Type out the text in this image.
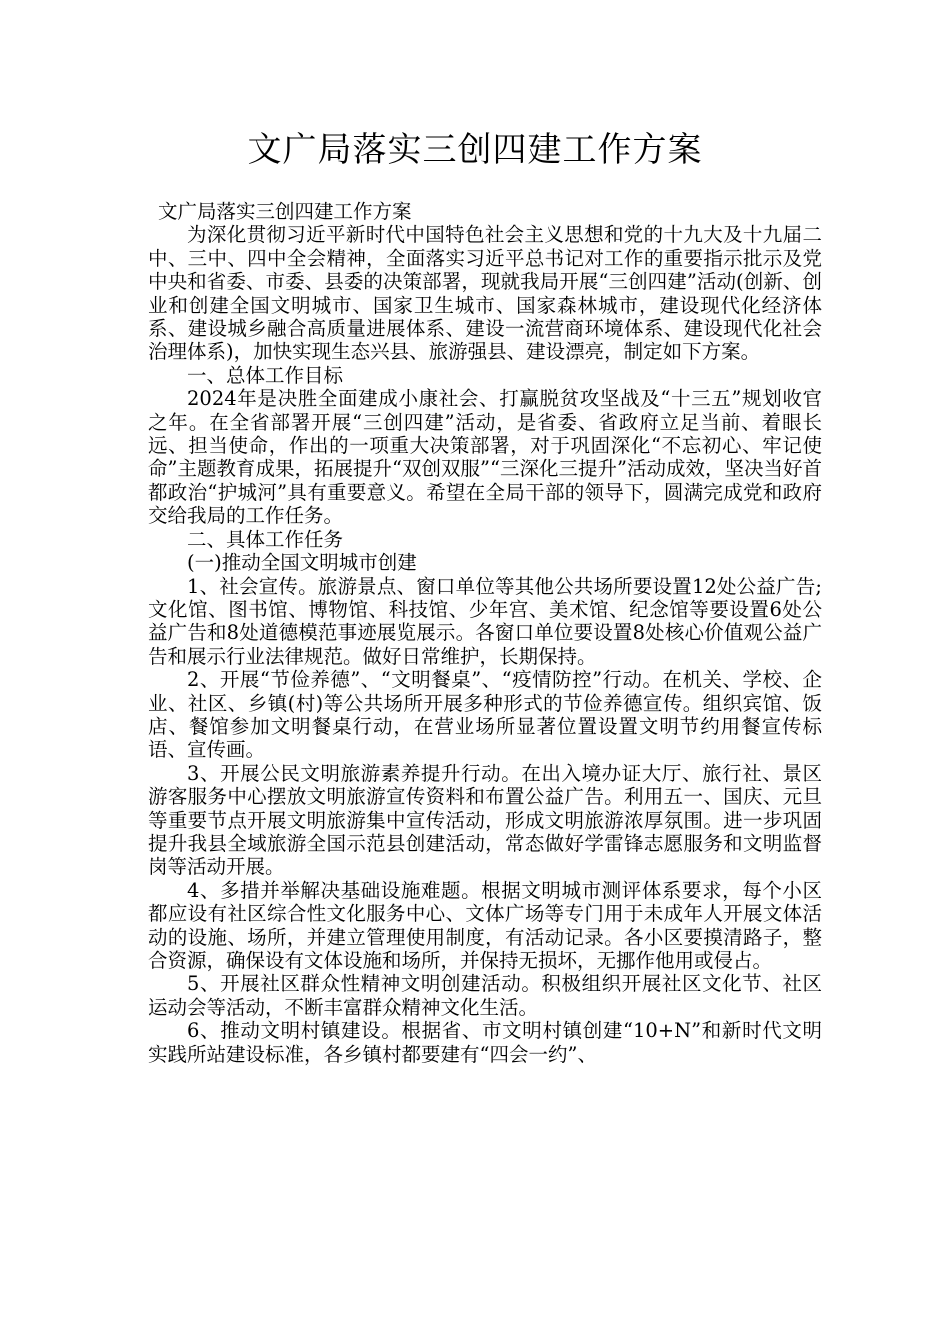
文广局落实三创四建工作方案

文广局落实三创四建工作方案

为深化贯彻习近平新时代中国特色社会主义思想和党的十九大及十九届二中、三中、四中全会精神，全面落实习近平总书记对工作的重要指示批示及党中央和省委、市委、县委的决策部署，现就我局开展“三创四建”活动(创新、创业和创建全国文明城市、国家卫生城市、国家森林城市，建设现代化经济体系、建设城乡融合高质量进展体系、建设一流营商环境体系、建设现代化社会治理体系)，加快实现生态兴县、旅游强县、建设漂亮，制定如下方案。

一、总体工作目标

2024年是决胜全面建成小康社会、打赢脱贫攻坚战及“十三五”规划收官之年。在全省部署开展“三创四建”活动，是省委、省政府立足当前、着眼长远、担当使命，作出的一项重大决策部署，对于巩固深化“不忘初心、牢记使命”主题教育成果，拓展提升“双创双服”“三深化三提升”活动成效，坚决当好首都政治“护城河”具有重要意义。希望在全局干部的领导下，圆满完成党和政府交给我局的工作任务。

二、具体工作任务

(一)推动全国文明城市创建

1、社会宣传。旅游景点、窗口单位等其他公共场所要设置12处公益广告;文化馆、图书馆、博物馆、科技馆、少年宫、美术馆、纪念馆等要设置6处公益广告和8处道德模范事迹展览展示。各窗口单位要设置8处核心价值观公益广告和展示行业法律规范。做好日常维护，长期保持。

2、开展“节俭养德”、“文明餐桌”、“疫情防控”行动。在机关、学校、企业、社区、乡镇(村)等公共场所开展多种形式的节俭养德宣传。组织宾馆、饭店、餐馆参加文明餐桌行动，在营业场所显著位置设置文明节约用餐宣传标语、宣传画。

3、开展公民文明旅游素养提升行动。在出入境办证大厅、旅行社、景区游客服务中心摆放文明旅游宣传资料和布置公益广告。利用五一、国庆、元旦等重要节点开展文明旅游集中宣传活动，形成文明旅游浓厚氛围。进一步巩固提升我县全域旅游全国示范县创建活动，常态做好学雷锋志愿服务和文明监督岗等活动开展。

4、多措并举解决基础设施难题。根据文明城市测评体系要求，每个小区都应设有社区综合性文化服务中心、文体广场等专门用于未成年人开展文体活动的设施、场所，并建立管理使用制度，有活动记录。各小区要摸清路子，整合资源，确保设有文体设施和场所，并保持无损坏，无挪作他用或侵占。

5、开展社区群众性精神文明创建活动。积极组织开展社区文化节、社区运动会等活动，不断丰富群众精神文化生活。

6、推动文明村镇建设。根据省、市文明村镇创建“10+N”和新时代文明实践所站建设标准，各乡镇村都要建有“四会一约”、
